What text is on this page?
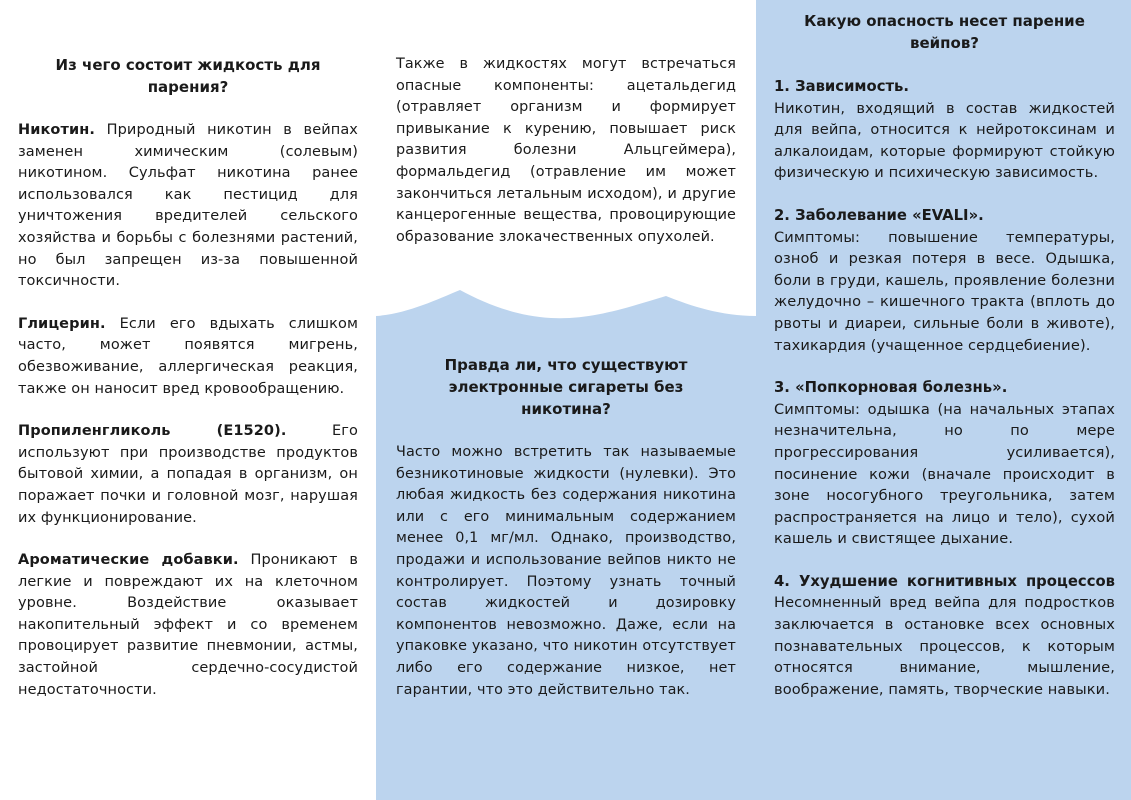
Из чего состоит жидкость для парения?

Никотин. Природный никотин в вейпах заменен химическим (солевым) никотином. Сульфат никотина ранее использовался как пестицид для уничтожения вредителей сельского хозяйства и борьбы с болезнями растений, но был запрещен из-за повышенной токсичности.

Глицерин. Если его вдыхать слишком часто, может появятся мигрень, обезвоживание, аллергическая реакция, также он наносит вред кровообращению.

Пропиленгликоль (Е1520).	Его используют при производстве продуктов бытовой химии, а попадая в организм, он поражает почки и головной мозг, нарушая их функционирование.

Ароматические добавки. Проникают в легкие и повреждают их на клеточном уровне. Воздействие оказывает накопительный эффект и со временем провоцирует развитие пневмонии, астмы, застойной сердечно-сосудистой недостаточности.

Также в жидкостях могут встречаться опасные компоненты: ацетальдегид (отравляет организм и формирует привыкание к курению, повышает риск развития болезни Альцгеймера), формальдегид (отравление им может закончиться летальным исходом), и другие канцерогенные вещества, провоцирующие образование злокачественных опухолей.

Правда ли, что существуют электронные сигареты без никотина?

Часто можно встретить так называемые безникотиновые жидкости (нулевки). Это любая жидкость без содержания никотина или с его минимальным содержанием менее 0,1 мг/мл. Однако, производство, продажи и использование вейпов никто не контролирует. Поэтому узнать точный состав жидкостей и дозировку компонентов невозможно. Даже, если на упаковке указано, что никотин отсутствует либо его содержание низкое, нет гарантии, что это действительно так.

Какую опасность несет парение вейпов?

1. Зависимость.

Никотин, входящий в состав жидкостей для вейпа, относится к нейротоксинам и алкалоидам, которые формируют стойкую физическую и психическую зависимость.

2. Заболевание «EVALI».

Симптомы: повышение температуры, озноб и резкая потеря в весе. Одышка, боли в груди, кашель, проявление болезни желудочно – кишечного тракта (вплоть до рвоты и диареи, сильные боли в животе), тахикардия (учащенное сердцебиение).

3. «Попкорновая болезнь».

Симптомы: одышка (на начальных этапах незначительна, но по мере прогрессирования усиливается), посинение кожи (вначале происходит в зоне носогубного треугольника, затем распространяется на лицо и тело), сухой кашель и свистящее дыхание.

4. Ухудшение когнитивных процессов

Несомненный вред вейпа для подростков заключается в остановке всех основных познавательных процессов, к которым относятся внимание, мышление, воображение, память, творческие навыки.
